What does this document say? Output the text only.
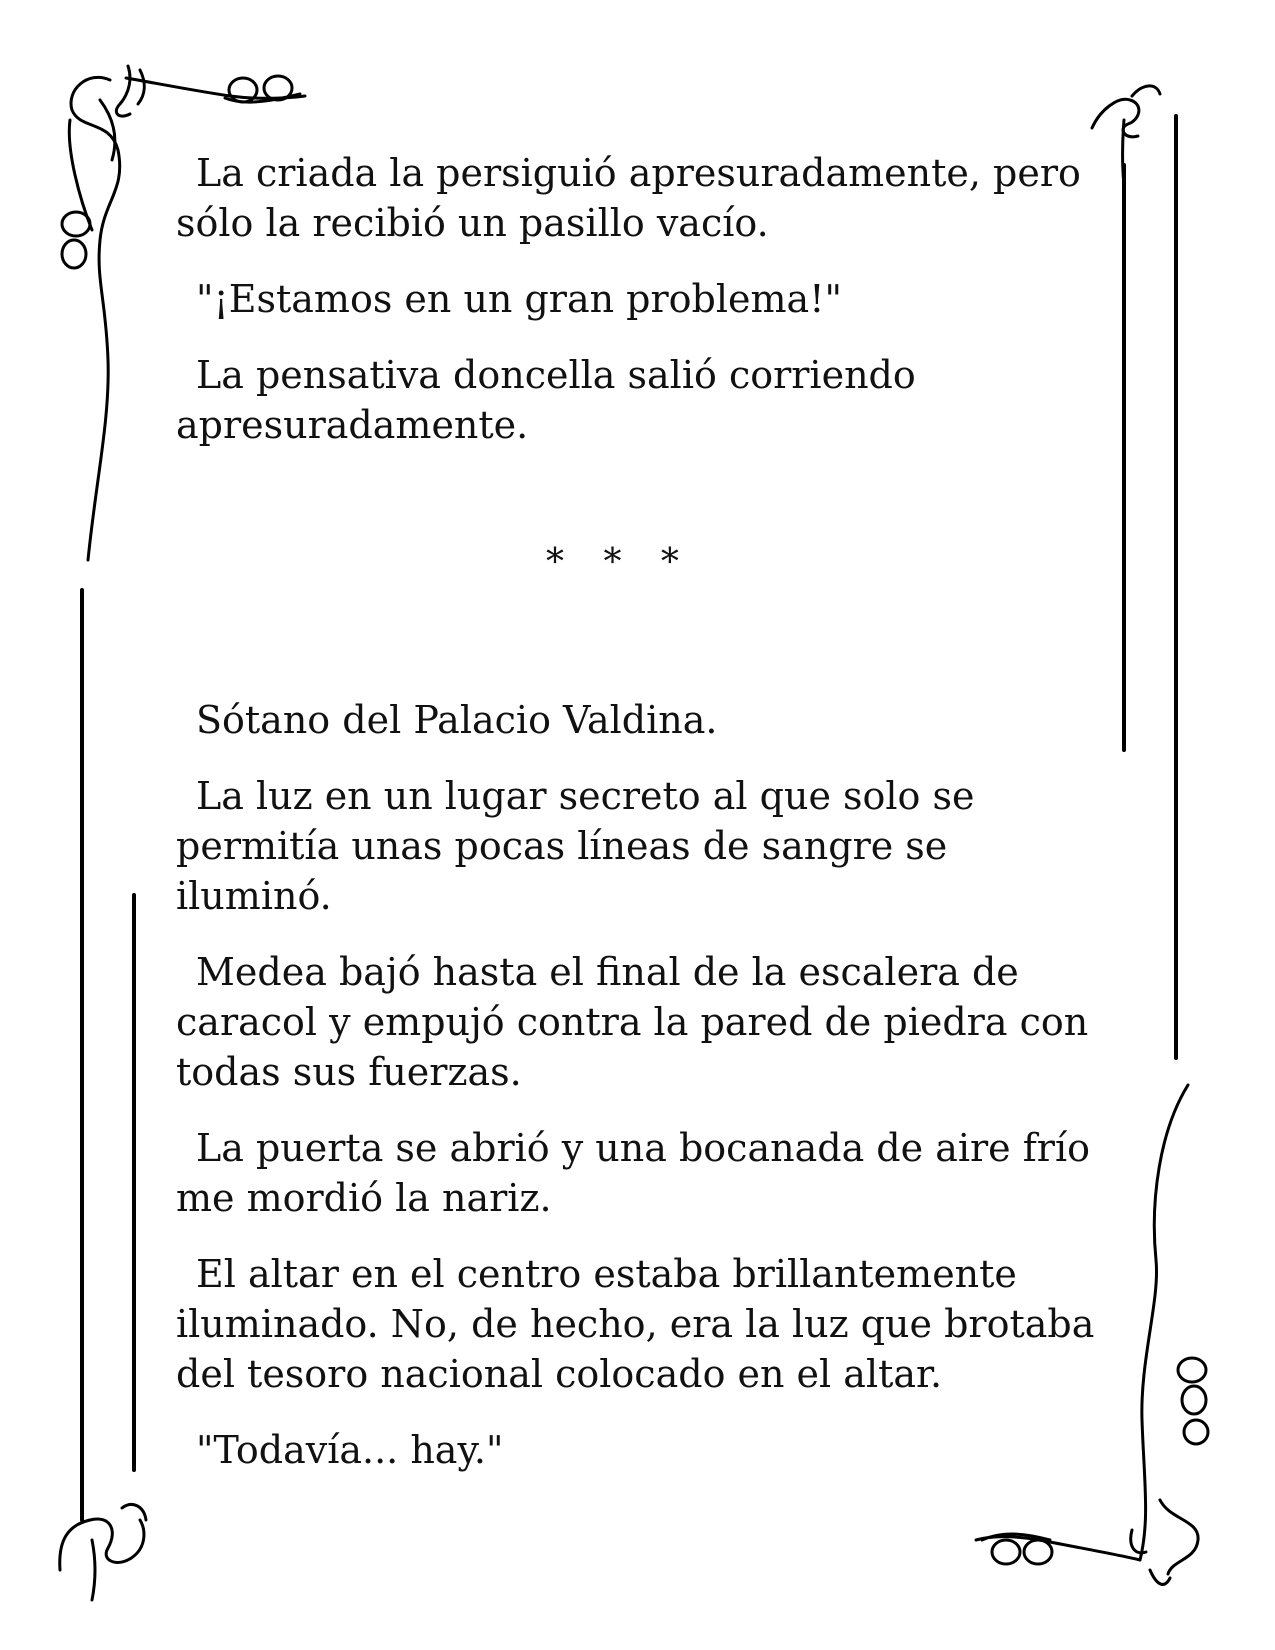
La criada la persiguió apresuradamente, pero sólo la recibió un pasillo vacío.

"¡Estamos en un gran problema!"

La pensativa doncella salió corriendo apresuradamente.

* * *

Sótano del Palacio Valdina.

La luz en un lugar secreto al que solo se permitía unas pocas líneas de sangre se iluminó.

Medea bajó hasta el final de la escalera de caracol y empujó contra la pared de piedra con todas sus fuerzas.

La puerta se abrió y una bocanada de aire frío me mordió la nariz.

El altar en el centro estaba brillantemente iluminado. No, de hecho, era la luz que brotaba del tesoro nacional colocado en el altar.

"Todavía... hay."
